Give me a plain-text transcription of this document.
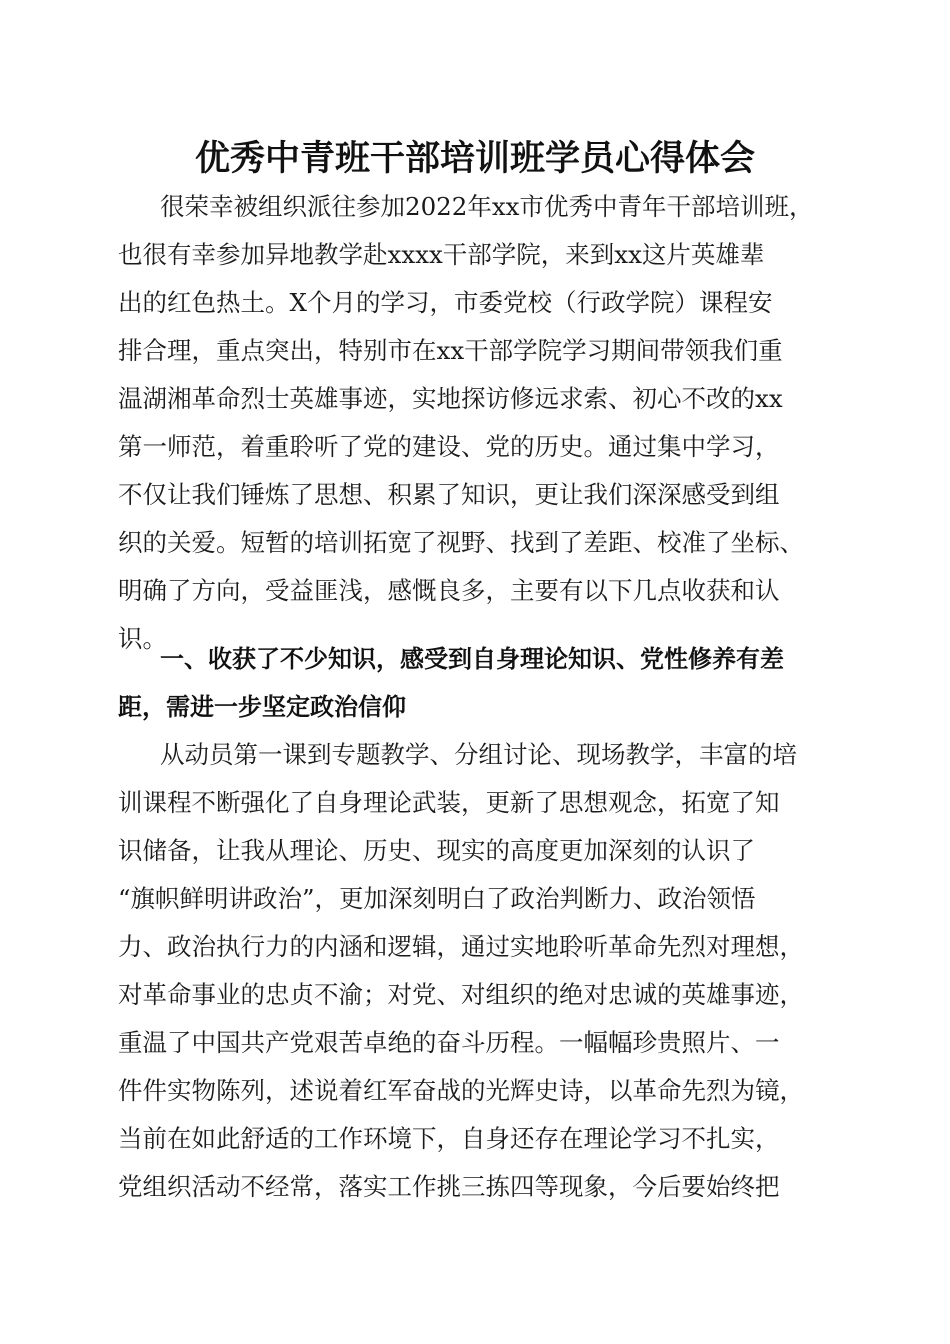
优秀中青班干部培训班学员心得体会
很荣幸被组织派往参加2022年xx市优秀中青年干部培训班，
也很有幸参加异地教学赴xxxx干部学院，来到xx这片英雄辈
出的红色热土。X个月的学习，市委党校（行政学院）课程安
排合理，重点突出，特别市在xx干部学院学习期间带领我们重
温湖湘革命烈士英雄事迹，实地探访修远求索、初心不改的xx
第一师范，着重聆听了党的建设、党的历史。通过集中学习，
不仅让我们锤炼了思想、积累了知识，更让我们深深感受到组
织的关爱。短暂的培训拓宽了视野、找到了差距、校准了坐标、
明确了方向，受益匪浅，感慨良多，主要有以下几点收获和认
识。
一、收获了不少知识，感受到自身理论知识、党性修养有差
距，需进一步坚定政治信仰
从动员第一课到专题教学、分组讨论、现场教学，丰富的培
训课程不断强化了自身理论武装，更新了思想观念，拓宽了知
识储备，让我从理论、历史、现实的高度更加深刻的认识了
“旗帜鲜明讲政治”，更加深刻明白了政治判断力、政治领悟
力、政治执行力的内涵和逻辑，通过实地聆听革命先烈对理想，
对革命事业的忠贞不渝；对党、对组织的绝对忠诚的英雄事迹，
重温了中国共产党艰苦卓绝的奋斗历程。一幅幅珍贵照片、一
件件实物陈列，述说着红军奋战的光辉史诗，以革命先烈为镜，
当前在如此舒适的工作环境下，自身还存在理论学习不扎实，
党组织活动不经常，落实工作挑三拣四等现象，今后要始终把
